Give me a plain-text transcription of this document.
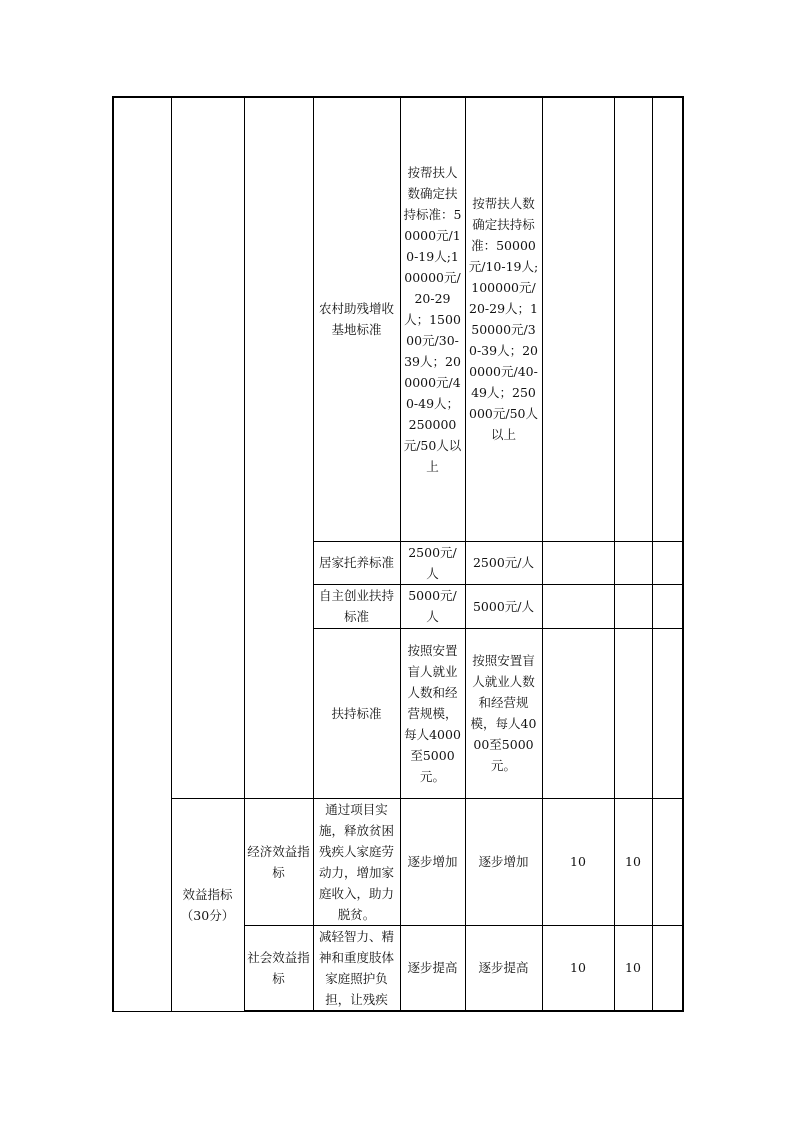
			农村助残增收基地标准	按帮扶人数确定扶持标准：50000元/10-19人;100000元/20-29人；150000元/30-39人；200000元/40-49人；250000元/50人以上	按帮扶人数确定扶持标准：50000元/10-19人;100000元/20-29人；150000元/30-39人；200000元/40-49人；250000元/50人以上			
			居家托养标准	2500元/人	2500元/人			
			自主创业扶持标准	5000元/人	5000元/人			
			扶持标准	按照安置盲人就业人数和经营规模，每人4000至5000元。	按照安置盲人就业人数和经营规模，每人4000至5000元。			
	效益指标（30分）	经济效益指标	通过项目实施，释放贫困残疾人家庭劳动力，增加家庭收入，助力脱贫。	逐步增加	逐步增加	10	10	
		社会效益指标	减轻智力、精神和重度肢体家庭照护负担，让残疾	逐步提高	逐步提高	10	10	
